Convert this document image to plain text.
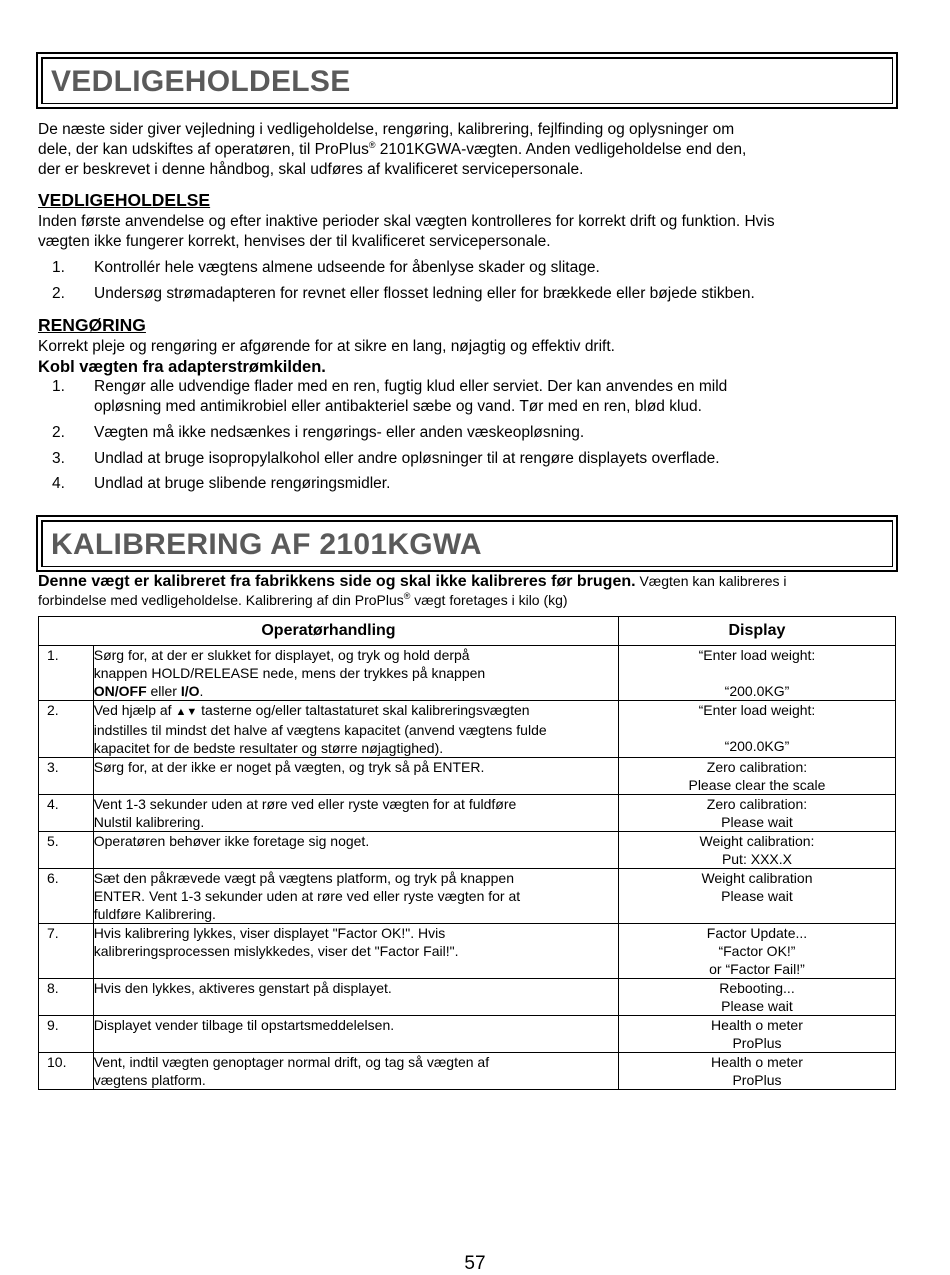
VEDLIGEHOLDELSE
De næste sider giver vejledning i vedligeholdelse, rengøring, kalibrering, fejlfinding og oplysninger om
dele, der kan udskiftes af operatøren, til ProPlus® 2101KGWA-vægten. Anden vedligeholdelse end den,
der er beskrevet i denne håndbog, skal udføres af kvalificeret servicepersonale.
VEDLIGEHOLDELSE
Inden første anvendelse og efter inaktive perioder skal vægten kontrolleres for korrekt drift og funktion. Hvis
vægten ikke fungerer korrekt, henvises der til kvalificeret servicepersonale.
1. Kontrollér hele vægtens almene udseende for åbenlyse skader og slitage.
2. Undersøg strømadapteren for revnet eller flosset ledning eller for brækkede eller bøjede stikben.
RENGØRING
Korrekt pleje og rengøring er afgørende for at sikre en lang, nøjagtig og effektiv drift.
Kobl vægten fra adapterstrømkilden.
1. Rengør alle udvendige flader med en ren, fugtig klud eller serviet. Der kan anvendes en mild
opløsning med antimikrobiel eller antibakteriel sæbe og vand. Tør med en ren, blød klud.
2. Vægten må ikke nedsænkes i rengørings- eller anden væskeopløsning.
3. Undlad at bruge isopropylalkohol eller andre opløsninger til at rengøre displayets overflade.
4. Undlad at bruge slibende rengøringsmidler.
KALIBRERING AF 2101KGWA
Denne vægt er kalibreret fra fabrikkens side og skal ikke kalibreres før brugen. Vægten kan kalibreres i
forbindelse med vedligeholdelse. Kalibrering af din ProPlus® vægt foretages i kilo (kg)
Operatørhandling		Display
1.	Sørg for, at der er slukket for displayet, og tryk og hold derpå
knappen HOLD/RELEASE nede, mens der trykkes på knappen
ON/OFF eller I/O.	“Enter load weight:
“200.0KG”

2.	Ved hjælp af ▲▼ tasterne og/eller taltastaturet skal kalibreringsvægten
indstilles til mindst det halve af vægtens kapacitet (anvend vægtens fulde
kapacitet for de bedste resultater og større nøjagtighed).	“Enter load weight:
“200.0KG”

3.	Sørg for, at der ikke er noget på vægten, og tryk så på ENTER.	Zero calibration:
Please clear the scale

4.	Vent 1-3 sekunder uden at røre ved eller ryste vægten for at fuldføre
Nulstil kalibrering.	Zero calibration:
Please wait

5.	Operatøren behøver ikke foretage sig noget.	Weight calibration:
Put: XXX.X

6.	Sæt den påkrævede vægt på vægtens platform, og tryk på knappen
ENTER. Vent 1-3 sekunder uden at røre ved eller ryste vægten for at
fuldføre Kalibrering.	Weight calibration
Please wait

7.	Hvis kalibrering lykkes, viser displayet "Factor OK!". Hvis
kalibreringsprocessen mislykkedes, viser det "Factor Fail!".	Factor Update...
“Factor OK!”
or “Factor Fail!”

8.	Hvis den lykkes, aktiveres genstart på displayet.	Rebooting...
Please wait

9.	Displayet vender tilbage til opstartsmeddelelsen.	Health o meter
ProPlus

10.	Vent, indtil vægten genoptager normal drift, og tag så vægten af
vægtens platform.	Health o meter
ProPlus
57
